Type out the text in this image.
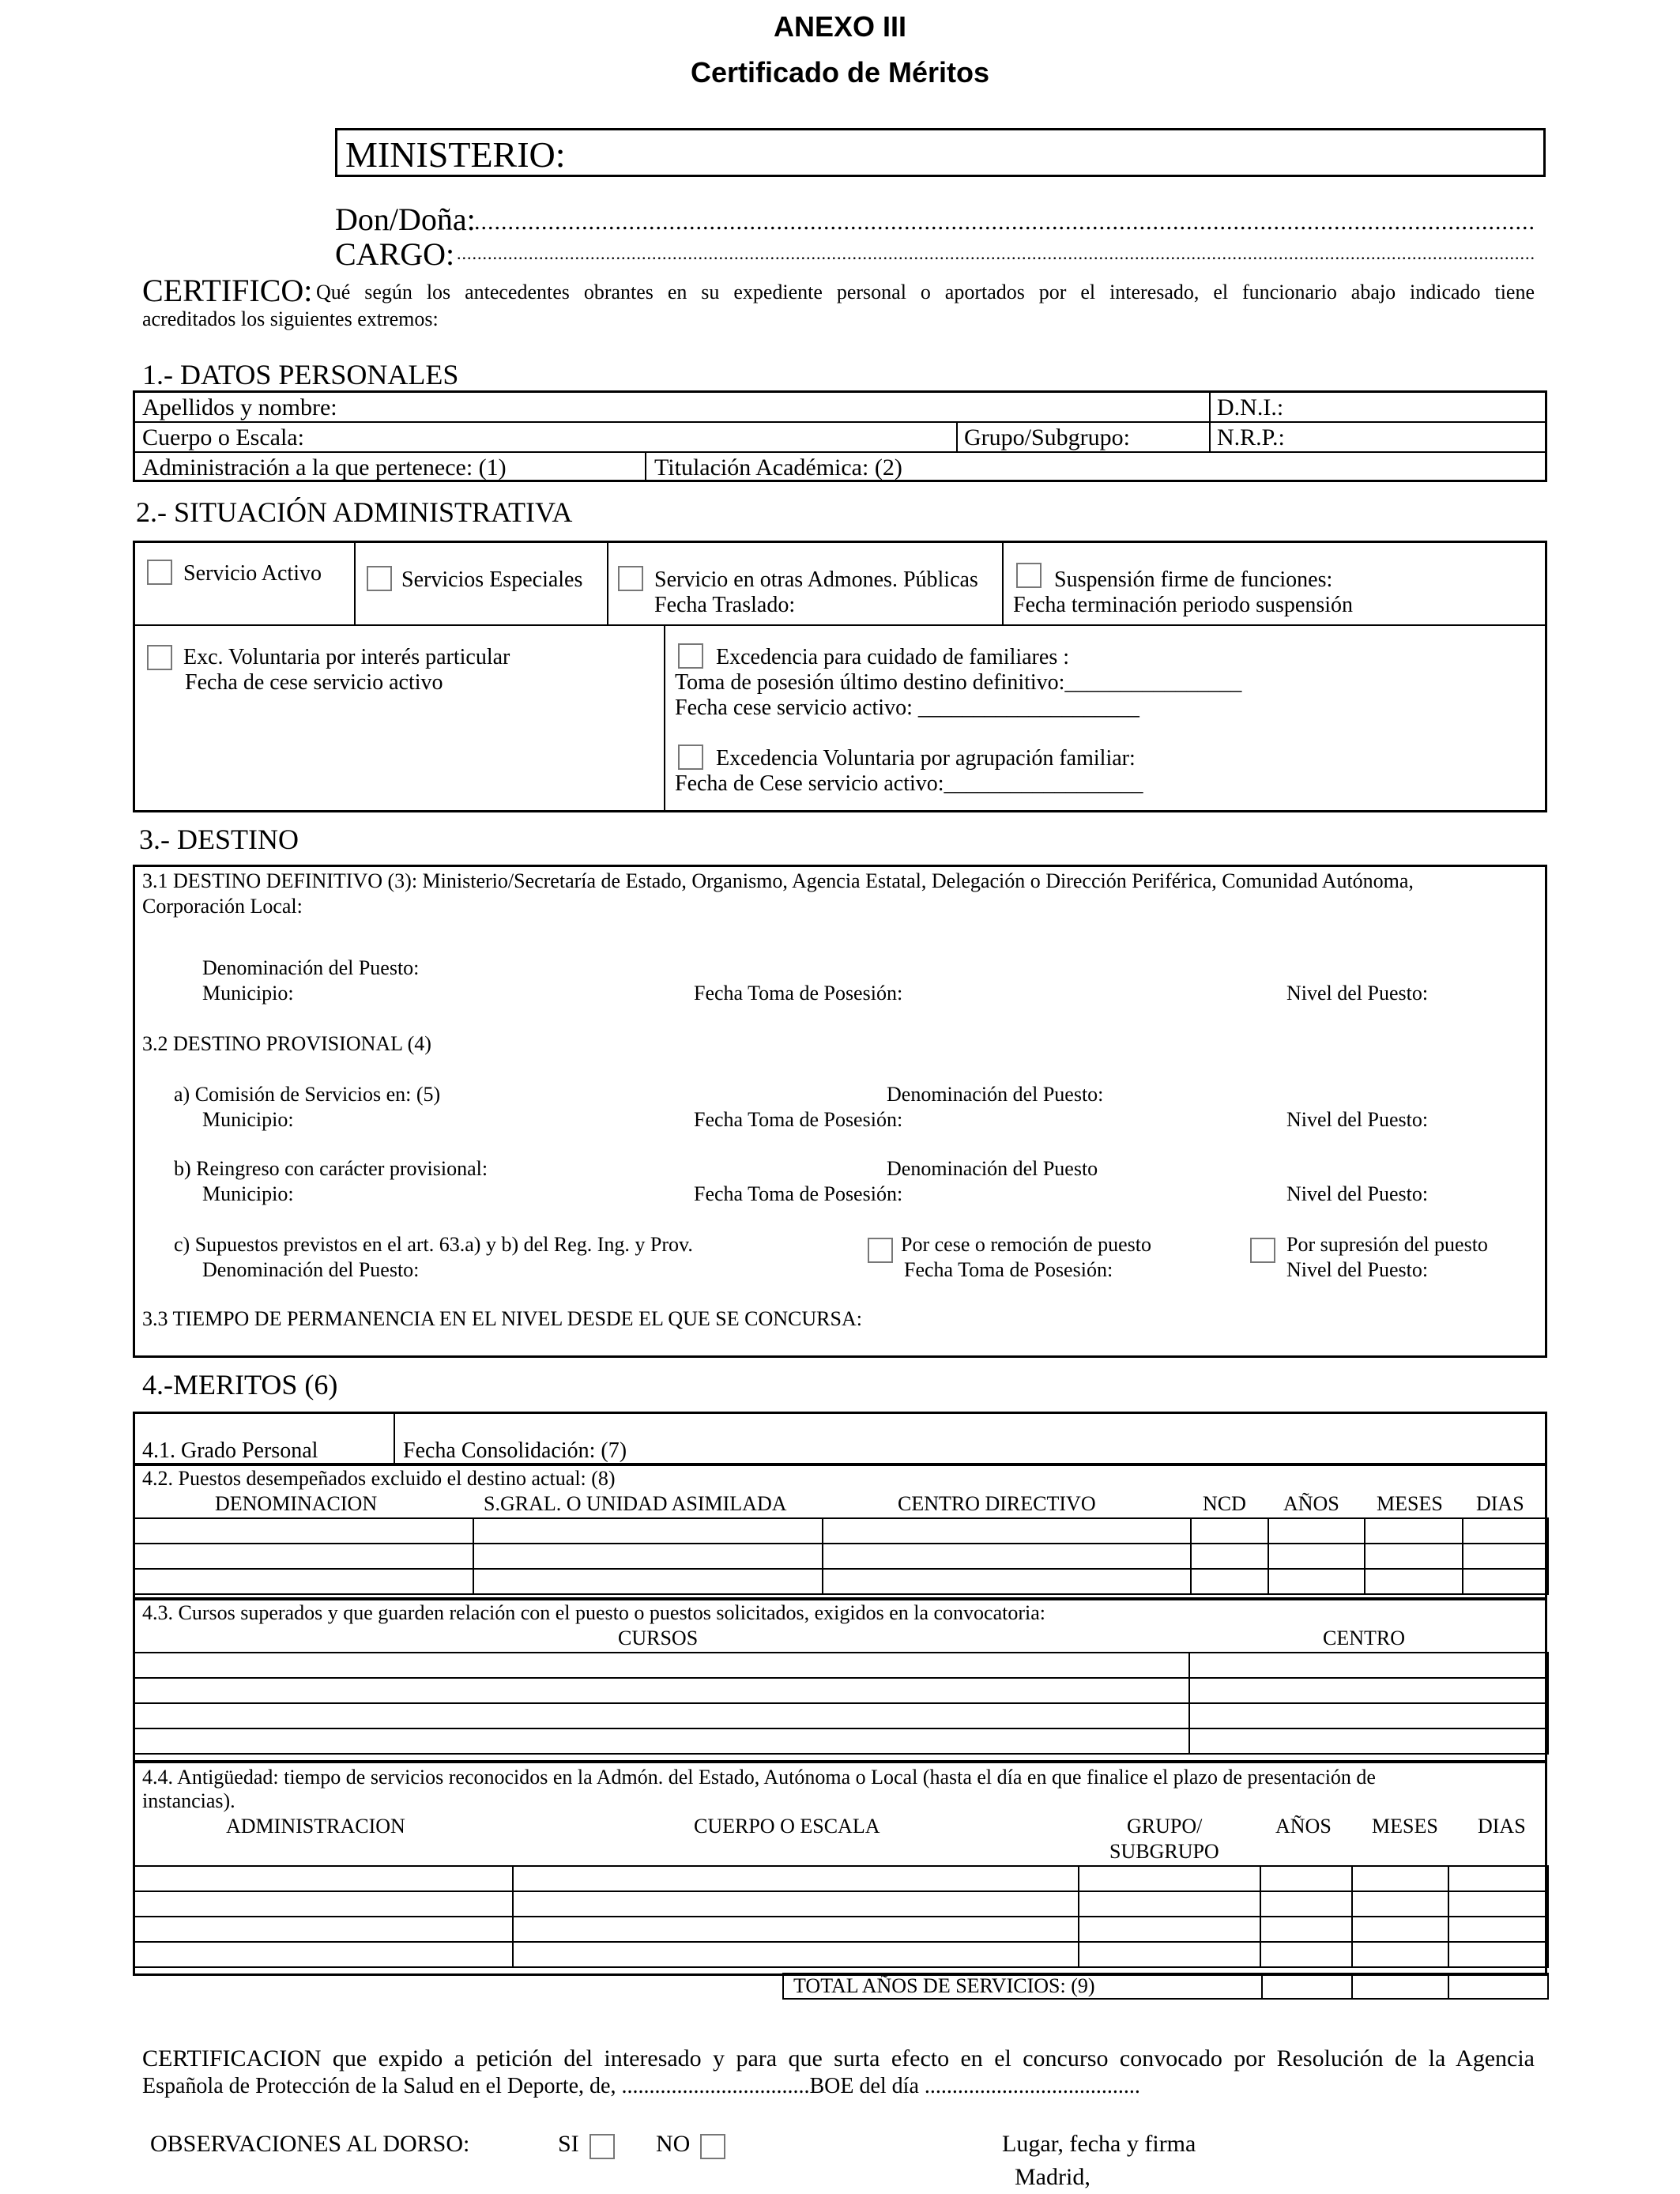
ANEXO III
Certificado de Méritos
MINISTERIO:
Don/Doña:
.....
CARGO:
.....
CERTIFICO: Qué según los antecedentes obrantes en su expediente personal o aportados por el interesado, el funcionario abajo indicado tiene
acreditados los siguientes extremos:
1.- DATOS PERSONALES
Apellidos y nombre:	D.N.I.:
Cuerpo o Escala:	Grupo/Subgrupo:	N.R.P.:
Administración a la que pertenece: (1)	Titulación Académica: (2)
2.- SITUACIÓN ADMINISTRATIVA
Servicio Activo	Servicios Especiales	Servicio en otras Admones. Públicas
Fecha Traslado:
Suspensión firme de funciones:
Fecha terminación periodo suspensión
Exc. Voluntaria por interés particular
Fecha de cese servicio activo
Excedencia para cuidado de familiares :
Toma de posesión último destino definitivo:________________
Fecha cese servicio activo: ____________________
Excedencia Voluntaria por agrupación familiar:
Fecha de Cese servicio activo:__________________
3.- DESTINO
3.1 DESTINO DEFINITIVO (3): Ministerio/Secretaría de Estado, Organismo, Agencia Estatal, Delegación o Dirección Periférica, Comunidad Autónoma,
Corporación Local:
Denominación del Puesto:
Municipio:	Fecha Toma de Posesión:	Nivel del Puesto:
3.2 DESTINO PROVISIONAL (4)
a) Comisión de Servicios en: (5)	Denominación del Puesto:
Municipio:	Fecha Toma de Posesión:	Nivel del Puesto:
b) Reingreso con carácter provisional:	Denominación del Puesto
Municipio:	Fecha Toma de Posesión:	Nivel del Puesto:
c) Supuestos previstos en el art. 63.a) y b) del Reg. Ing. y Prov.
Denominación del Puesto:
Por cese o remoción de puesto
Fecha Toma de Posesión:
Por supresión del puesto
Nivel del Puesto:
3.3 TIEMPO DE PERMANENCIA EN EL NIVEL DESDE EL QUE SE CONCURSA:
4.-MERITOS (6)
4.1. Grado Personal	Fecha Consolidación: (7)
4.2. Puestos desempeñados excluido el destino actual: (8)
DENOMINACION	S.GRAL. O UNIDAD ASIMILADA	CENTRO DIRECTIVO	NCD AÑOS MESES DIAS

4.3. Cursos superados y que guarden relación con el puesto o puestos solicitados, exigidos en la convocatoria:
CURSOS	CENTRO

4.4. Antigüedad: tiempo de servicios reconocidos en la Admón. del Estado, Autónoma o Local (hasta el día en que finalice el plazo de presentación de
instancias).
ADMINISTRACION	CUERPO O ESCALA	GRUPO/
SUBGRUPO
AÑOS MESES DIAS

TOTAL AÑOS DE SERVICIOS: (9)			
CERTIFICACION que expido a petición del interesado y para que surta efecto en el concurso convocado por Resolución de la Agencia
Española de Protección de la Salud en el Deporte, de, ..................................BOE del día .......................................
OBSERVACIONES AL DORSO:	SI	NO	Lugar, fecha y firma
Madrid,
